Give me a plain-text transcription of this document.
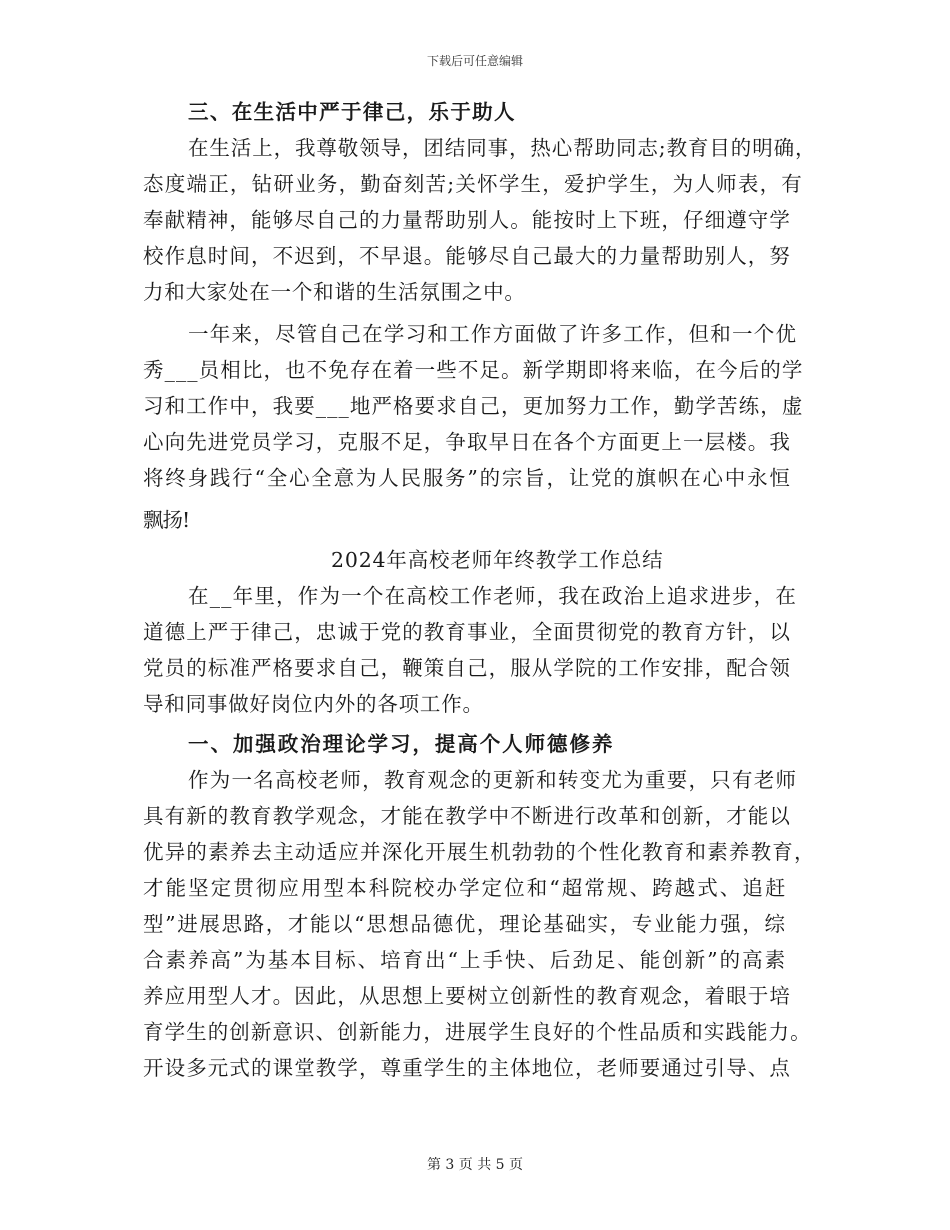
下载后可任意编辑
三、在生活中严于律己，乐于助人
在生活上，我尊敬领导，团结同事，热心帮助同志;教育目的明确，
态度端正，钻研业务，勤奋刻苦;关怀学生，爱护学生，为人师表，有
奉献精神，能够尽自己的力量帮助别人。能按时上下班，仔细遵守学
校作息时间，不迟到，不早退。能够尽自己最大的力量帮助别人，努
力和大家处在一个和谐的生活氛围之中。
一年来，尽管自己在学习和工作方面做了许多工作，但和一个优
秀___员相比，也不免存在着一些不足。新学期即将来临，在今后的学
习和工作中，我要___地严格要求自己，更加努力工作，勤学苦练，虚
心向先进党员学习，克服不足，争取早日在各个方面更上一层楼。我
将终身践行“全心全意为人民服务”的宗旨，让党的旗帜在心中永恒
飘扬!
2024年高校老师年终教学工作总结
在__年里，作为一个在高校工作老师，我在政治上追求进步，在
道德上严于律己，忠诚于党的教育事业，全面贯彻党的教育方针，以
党员的标准严格要求自己，鞭策自己，服从学院的工作安排，配合领
导和同事做好岗位内外的各项工作。
一、加强政治理论学习，提高个人师德修养
作为一名高校老师，教育观念的更新和转变尤为重要，只有老师
具有新的教育教学观念，才能在教学中不断进行改革和创新，才能以
优异的素养去主动适应并深化开展生机勃勃的个性化教育和素养教育，
才能坚定贯彻应用型本科院校办学定位和“超常规、跨越式、追赶
型”进展思路，才能以“思想品德优，理论基础实，专业能力强，综
合素养高”为基本目标、培育出“上手快、后劲足、能创新”的高素
养应用型人才。因此，从思想上要树立创新性的教育观念，着眼于培
育学生的创新意识、创新能力，进展学生良好的个性品质和实践能力。
开设多元式的课堂教学，尊重学生的主体地位，老师要通过引导、点
第 3 页 共 5 页
